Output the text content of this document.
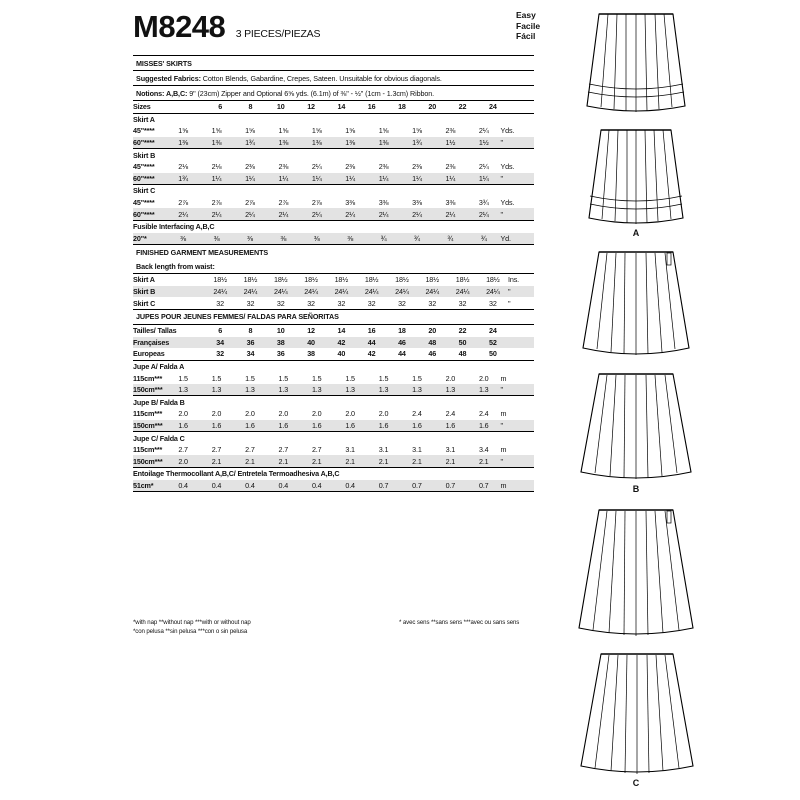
M8248 3 PIECES/PIEZAS
Easy
Facile
Fácil
MISSES' SKIRTS
Suggested Fabrics: Cotton Blends, Gabardine, Crepes, Sateen. Unsuitable for obvious diagonals.
Notions: A,B,C: 9" (23cm) Zipper and Optional 6⅝ yds. (6.1m) of ⅜" - ½" (1cm - 1.3cm) Ribbon.
Sizes	6	8	10	12	14	16	18	20	22	24	
Skirt A											
45"****	1⅝	1⅝	1⅝	1⅝	1⅝	1⅝	1⅝	1⅝	2⅜	2¼	Yds.
60"****	1⅜	1⅜	1¾	1⅜	1⅜	1⅜	1⅜	1¾	1½	1½	"
Skirt B											
45"****	2⅛	2⅛	2⅜	2⅜	2¼	2⅜	2⅜	2⅜	2⅜	2¼	Yds.
60"****	1¾	1¼	1¼	1¼	1¼	1¼	1¼	1¼	1¼	1¼	"
Skirt C											
45"****	2⅞	2⅞	2⅞	2⅞	2⅞	3⅜	3⅜	3⅜	3⅜	3¾	Yds.
60"****	2¼	2¼	2¼	2¼	2¼	2¼	2¼	2¼	2¼	2¼	"
Fusible Interfacing A,B,C
20"*	⅜	⅜	⅜	⅜	⅜	⅜	¾	¾	¾	¾	Yd.
FINISHED GARMENT MEASUREMENTS
Back length from waist:
Skirt A	18½	18½	18½	18½	18½	18½	18½	18½	18½	18½	Ins.
Skirt B	24¼	24¼	24¼	24¼	24¼	24¼	24¼	24¼	24¼	24¼	"
Skirt C	32	32	32	32	32	32	32	32	32	32	"
JUPES POUR JEUNES FEMMES/ FALDAS PARA SEÑORITAS
Tailles/ Tallas	6	8	10	12	14	16	18	20	22	24	
Françaises	34	36	38	40	42	44	46	48	50	52	
Europeas	32	34	36	38	40	42	44	46	48	50	
Jupe A/ Falda A											
115cm***	1.5	1.5	1.5	1.5	1.5	1.5	1.5	1.5	2.0	2.0	m
150cm***	1.3	1.3	1.3	1.3	1.3	1.3	1.3	1.3	1.3	1.3	"
Jupe B/ Falda B											
115cm***	2.0	2.0	2.0	2.0	2.0	2.0	2.0	2.4	2.4	2.4	m
150cm***	1.6	1.6	1.6	1.6	1.6	1.6	1.6	1.6	1.6	1.6	"
Jupe C/ Falda C											
115cm***	2.7	2.7	2.7	2.7	2.7	3.1	3.1	3.1	3.1	3.4	m
150cm***	2.0	2.1	2.1	2.1	2.1	2.1	2.1	2.1	2.1	2.1	"
Entoilage Thermocollant A,B,C/ Entretela Termoadhesiva A,B,C
51cm*	0.4	0.4	0.4	0.4	0.4	0.4	0.7	0.7	0.7	0.7	m
*with nap **without nap ***with or without nap
*con pelusa **sin pelusa ***con o sin pelusa
* avec sens **sans sens ***avec ou sans sens
A
B
C
